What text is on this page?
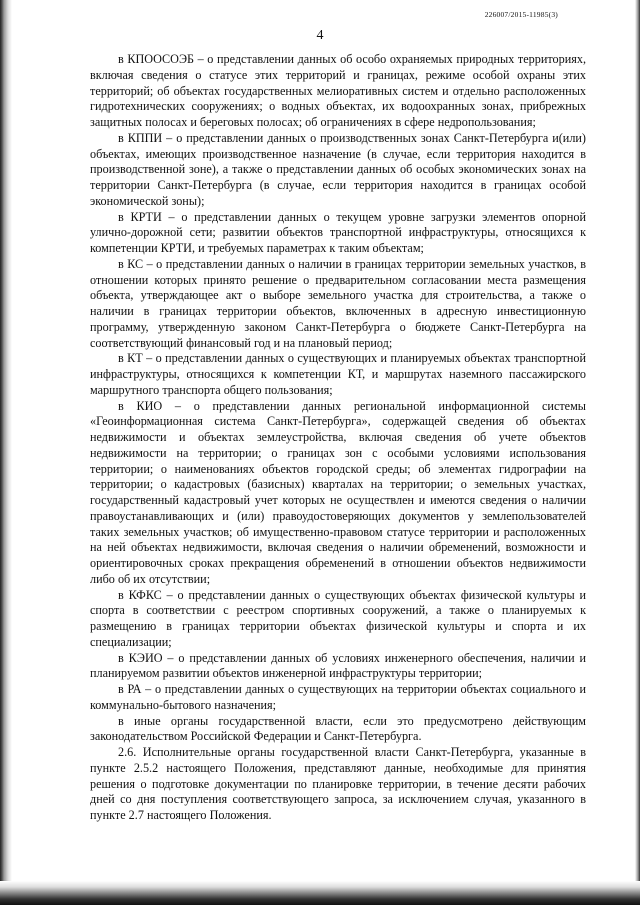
226007/2015-11985(3)
4

в КПООСОЭБ – о представлении данных об особо охраняемых природных территориях, включая сведения о статусе этих территорий и границах, режиме особой охраны этих территорий; об объектах государственных мелиоративных систем и отдельно расположенных гидротехнических сооружениях; о водных объектах, их водоохранных зонах, прибрежных защитных полосах и береговых полосах; об ограничениях в сфере недропользования;

в КППИ – о представлении данных о производственных зонах Санкт-Петербурга и(или) объектах, имеющих производственное назначение (в случае, если территория находится в производственной зоне), а также о представлении данных об особых экономических зонах на территории Санкт-Петербурга (в случае, если территория находится в границах особой экономической зоны);

в КРТИ – о представлении данных о текущем уровне загрузки элементов опорной улично-дорожной сети; развитии объектов транспортной инфраструктуры, относящихся к компетенции КРТИ, и требуемых параметрах к таким объектам;

в КС – о представлении данных о наличии в границах территории земельных участков, в отношении которых принято решение о предварительном согласовании места размещения объекта, утверждающее акт о выборе земельного участка для строительства, а также о наличии в границах территории объектов, включенных в адресную инвестиционную программу, утвержденную законом Санкт-Петербурга о бюджете Санкт-Петербурга на соответствующий финансовый год и на плановый период;

в КТ – о представлении данных о существующих и планируемых объектах транспортной инфраструктуры, относящихся к компетенции КТ, и маршрутах наземного пассажирского маршрутного транспорта общего пользования;

в КИО – о представлении данных региональной информационной системы «Геоинформационная система Санкт-Петербурга», содержащей сведения об объектах недвижимости и объектах землеустройства, включая сведения об учете объектов недвижимости на территории; о границах зон с особыми условиями использования территории; о наименованиях объектов городской среды; об элементах гидрографии на территории; о кадастровых (базисных) кварталах на территории; о земельных участках, государственный кадастровый учет которых не осуществлен и имеются сведения о наличии правоустанавливающих и (или) правоудостоверяющих документов у землепользователей таких земельных участков; об имущественно-правовом статусе территории и расположенных на ней объектах недвижимости, включая сведения о наличии обременений, возможности и ориентировочных сроках прекращения обременений в отношении объектов недвижимости либо об их отсутствии;

в КФКС – о представлении данных о существующих объектах физической культуры и спорта в соответствии с реестром спортивных сооружений, а также о планируемых к размещению в границах территории объектах физической культуры и спорта и их специализации;

в КЭИО – о представлении данных об условиях инженерного обеспечения, наличии и планируемом развитии объектов инженерной инфраструктуры территории;

в РА – о представлении данных о существующих на территории объектах социального и коммунально-бытового назначения;

в иные органы государственной власти, если это предусмотрено действующим законодательством Российской Федерации и Санкт-Петербурга.

2.6. Исполнительные органы государственной власти Санкт-Петербурга, указанные в пункте 2.5.2 настоящего Положения, представляют данные, необходимые для принятия решения о подготовке документации по планировке территории, в течение десяти рабочих дней со дня поступления соответствующего запроса, за исключением случая, указанного в пункте 2.7 настоящего Положения.
